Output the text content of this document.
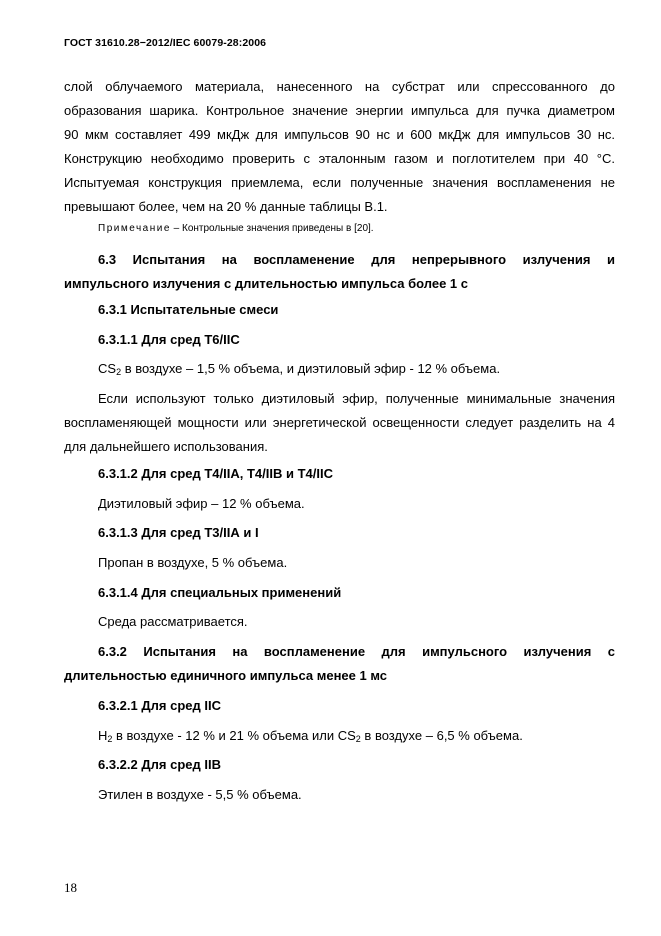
ГОСТ 31610.28−2012/IEC 60079-28:2006
слой облучаемого материала, нанесенного на субстрат или спрессованного до
образования шарика. Контрольное значение энергии импульса для пучка диаметром
90 мкм составляет 499 мкДж для импульсов 90 нс и 600 мкДж для импульсов 30 нс.
Конструкцию необходимо проверить с эталонным газом и поглотителем при 40 °С.
Испытуемая конструкция приемлема, если полученные значения воспламенения не
превышают более, чем на 20 % данные таблицы В.1.
Примечание – Контрольные значения приведены в [20].
6.3 Испытания на воспламенение для непрерывного излучения и
импульсного излучения с длительностью импульса более 1 с
6.3.1 Испытательные смеси
6.3.1.1 Для сред Т6/IIС
$CS_2$ в воздухе – 1,5 % объема, и диэтиловый эфир - 12 % объема.
Если используют только диэтиловый эфир, полученные минимальные значения
воспламеняющей мощности или энергетической освещенности следует разделить на 4
для дальнейшего использования.
6.3.1.2 Для сред Т4/IIА, Т4/IIВ и Т4/IIС
Диэтиловый эфир – 12 % объема.
6.3.1.3 Для сред Т3/IIА и I
Пропан в воздухе, 5 % объема.
6.3.1.4 Для специальных применений
Среда рассматривается.
6.3.2 Испытания на воспламенение для импульсного излучения с
длительностью единичного импульса менее 1 мс
6.3.2.1 Для сред IIС
$H_2$ в воздухе - 12 % и 21 % объема или $CS_2$ в воздухе – 6,5 % объема.
6.3.2.2 Для сред IIВ
Этилен в воздухе - 5,5 % объема.
18
